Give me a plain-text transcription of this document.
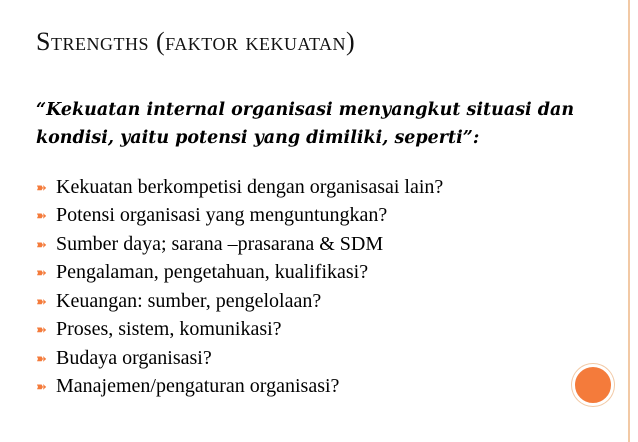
Strengths (faktor kekuatan)
“Kekuatan internal organisasi menyangkut situasi dan kondisi, yaitu potensi yang dimiliki, seperti”:
➽ Kekuatan berkompetisi dengan organisasai lain?
➽ Potensi organisasi yang menguntungkan?
➽ Sumber daya; sarana –prasarana & SDM
➽ Pengalaman, pengetahuan, kualifikasi?
➽ Keuangan: sumber, pengelolaan?
➽ Proses, sistem, komunikasi?
➽ Budaya organisasi?
➽ Manajemen/pengaturan organisasi?
